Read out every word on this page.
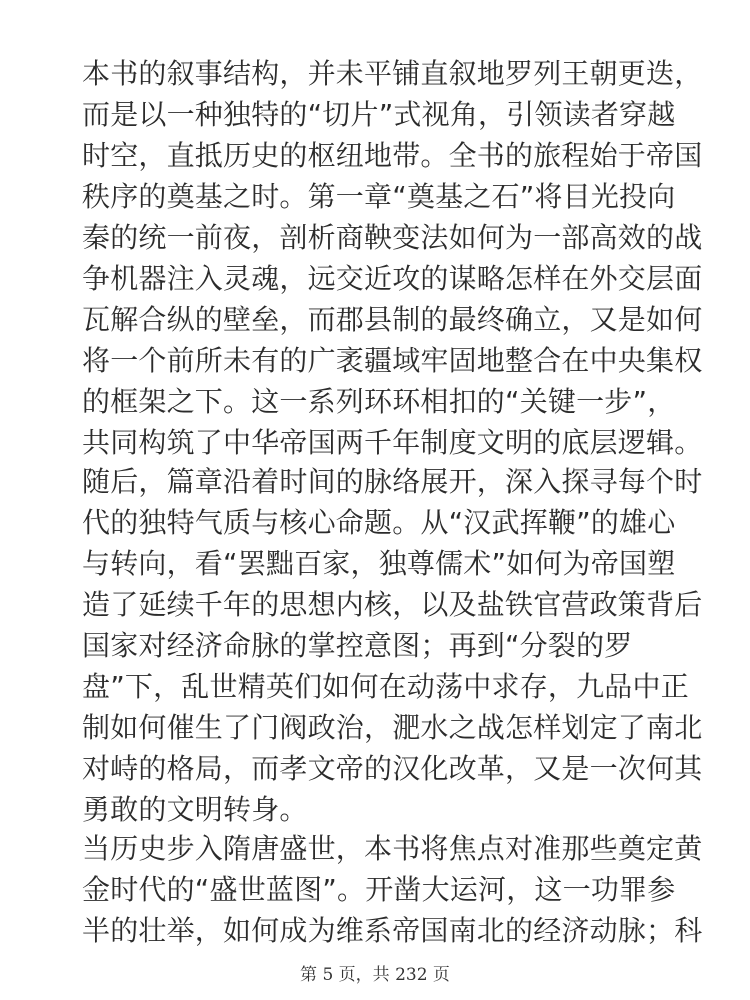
本书的叙事结构，并未平铺直叙地罗列王朝更迭，
而是以一种独特的“切片”式视角，引领读者穿越
时空，直抵历史的枢纽地带。全书的旅程始于帝国
秩序的奠基之时。第一章“奠基之石”将目光投向
秦的统一前夜，剖析商鞅变法如何为一部高效的战
争机器注入灵魂，远交近攻的谋略怎样在外交层面
瓦解合纵的壁垒，而郡县制的最终确立，又是如何
将一个前所未有的广袤疆域牢固地整合在中央集权
的框架之下。这一系列环环相扣的“关键一步”，
共同构筑了中华帝国两千年制度文明的底层逻辑。

随后，篇章沿着时间的脉络展开，深入探寻每个时
代的独特气质与核心命题。从“汉武挥鞭”的雄心
与转向，看“罢黜百家，独尊儒术”如何为帝国塑
造了延续千年的思想内核，以及盐铁官营政策背后
国家对经济命脉的掌控意图；再到“分裂的罗
盘”下，乱世精英们如何在动荡中求存，九品中正
制如何催生了门阀政治，淝水之战怎样划定了南北
对峙的格局，而孝文帝的汉化改革，又是一次何其
勇敢的文明转身。

当历史步入隋唐盛世，本书将焦点对准那些奠定黄
金时代的“盛世蓝图”。开凿大运河，这一功罪参
半的壮举，如何成为维系帝国南北的经济动脉；科

第 5 页，共 232 页
